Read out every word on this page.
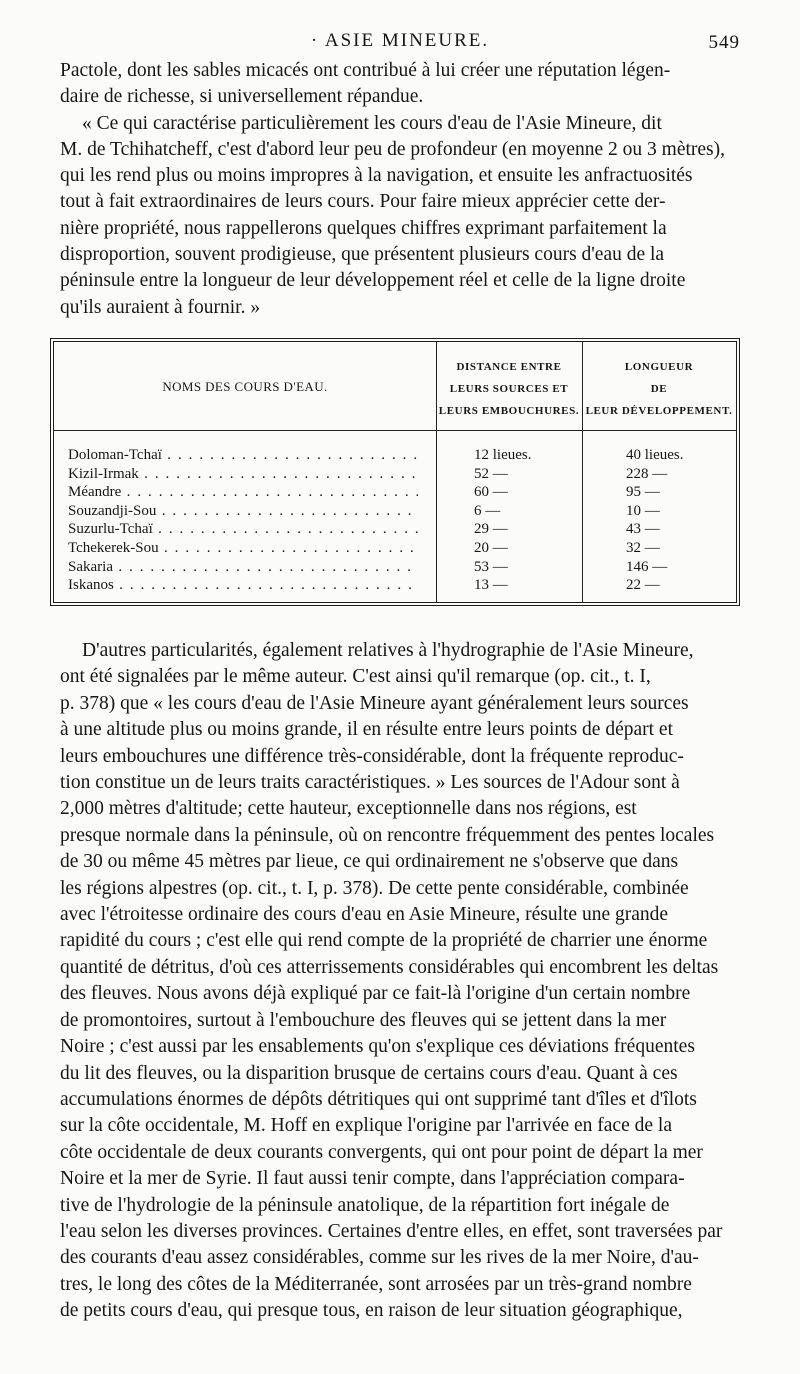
· ASIE MINEURE.	549
Pactole, dont les sables micacés ont contribué à lui créer une réputation légen-
daire de richesse, si universellement répandue.
« Ce qui caractérise particulièrement les cours d'eau de l'Asie Mineure, dit
M. de Tchihatcheff, c'est d'abord leur peu de profondeur (en moyenne 2 ou 3 mètres),
qui les rend plus ou moins impropres à la navigation, et ensuite les anfractuosités
tout à fait extraordinaires de leurs cours. Pour faire mieux apprécier cette der-
nière propriété, nous rappellerons quelques chiffres exprimant parfaitement la
disproportion, souvent prodigieuse, que présentent plusieurs cours d'eau de la
péninsule entre la longueur de leur développement réel et celle de la ligne droite
qu'ils auraient à fournir. »
NOMS DES COURS D'EAU.
DISTANCE ENTRE
LEURS SOURCES ET
LEURS EMBOUCHURES.
LONGUEUR
DE
LEUR DÉVELOPPEMENT.
Doloman-Tchaï . . .	12 lieues.	40 lieues.
Kizil-Irmak . . .	52 —	228 —
Méandre . . .	60 —	95 —
Souzandji-Sou . . .	6 —	10 —
Suzurlu-Tchaï . . .	29 —	43 —
Tchekerek-Sou . . .	20 —	32 —
Sakaria . . .	53 —	146 —
Iskanos . . .	13 —	22 —
D'autres particularités, également relatives à l'hydrographie de l'Asie Mineure,
ont été signalées par le même auteur. C'est ainsi qu'il remarque (op. cit., t. I,
p. 378) que « les cours d'eau de l'Asie Mineure ayant généralement leurs sources
à une altitude plus ou moins grande, il en résulte entre leurs points de départ et
leurs embouchures une différence très-considérable, dont la fréquente reproduc-
tion constitue un de leurs traits caractéristiques. » Les sources de l'Adour sont à
2,000 mètres d'altitude; cette hauteur, exceptionnelle dans nos régions, est
presque normale dans la péninsule, où on rencontre fréquemment des pentes locales
de 30 ou même 45 mètres par lieue, ce qui ordinairement ne s'observe que dans
les régions alpestres (op. cit., t. I, p. 378). De cette pente considérable, combinée
avec l'étroitesse ordinaire des cours d'eau en Asie Mineure, résulte une grande
rapidité du cours ; c'est elle qui rend compte de la propriété de charrier une énorme
quantité de détritus, d'où ces atterrissements considérables qui encombrent les deltas
des fleuves. Nous avons déjà expliqué par ce fait-là l'origine d'un certain nombre
de promontoires, surtout à l'embouchure des fleuves qui se jettent dans la mer
Noire ; c'est aussi par les ensablements qu'on s'explique ces déviations fréquentes
du lit des fleuves, ou la disparition brusque de certains cours d'eau. Quant à ces
accumulations énormes de dépôts détritiques qui ont supprimé tant d'îles et d'îlots
sur la côte occidentale, M. Hoff en explique l'origine par l'arrivée en face de la
côte occidentale de deux courants convergents, qui ont pour point de départ la mer
Noire et la mer de Syrie. Il faut aussi tenir compte, dans l'appréciation compara-
tive de l'hydrologie de la péninsule anatolique, de la répartition fort inégale de
l'eau selon les diverses provinces. Certaines d'entre elles, en effet, sont traversées par
des courants d'eau assez considérables, comme sur les rives de la mer Noire, d'au-
tres, le long des côtes de la Méditerranée, sont arrosées par un très-grand nombre
de petits cours d'eau, qui presque tous, en raison de leur situation géographique,
